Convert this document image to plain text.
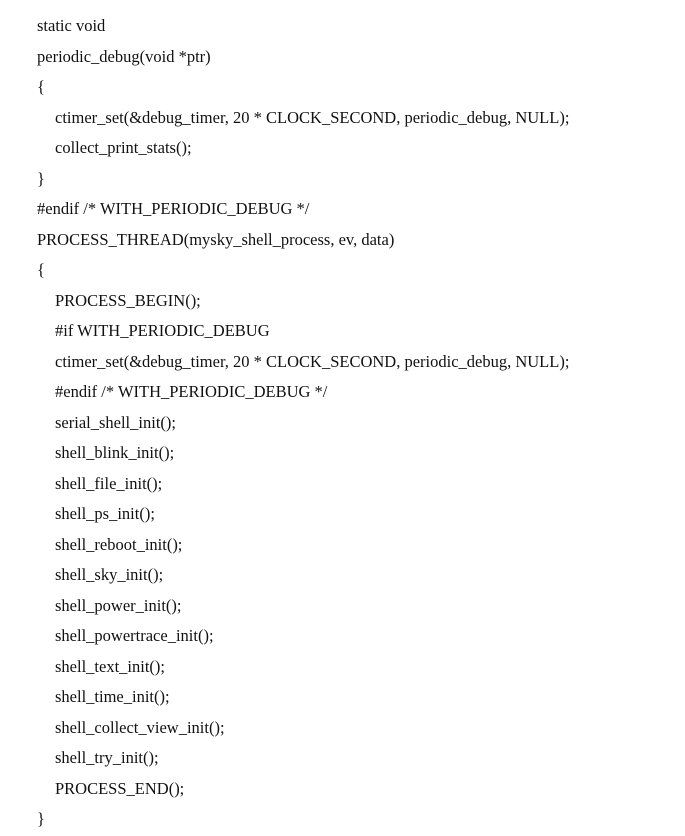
static void
periodic_debug(void *ptr)
{
ctimer_set(&debug_timer, 20 * CLOCK_SECOND, periodic_debug, NULL);
collect_print_stats();
}
#endif /* WITH_PERIODIC_DEBUG */
PROCESS_THREAD(mysky_shell_process, ev, data)
{
PROCESS_BEGIN();
#if WITH_PERIODIC_DEBUG
ctimer_set(&debug_timer, 20 * CLOCK_SECOND, periodic_debug, NULL);
#endif /* WITH_PERIODIC_DEBUG */
serial_shell_init();
shell_blink_init();
shell_file_init();
shell_ps_init();
shell_reboot_init();
shell_sky_init();
shell_power_init();
shell_powertrace_init();
shell_text_init();
shell_time_init();
shell_collect_view_init();
shell_try_init();
PROCESS_END();
}
